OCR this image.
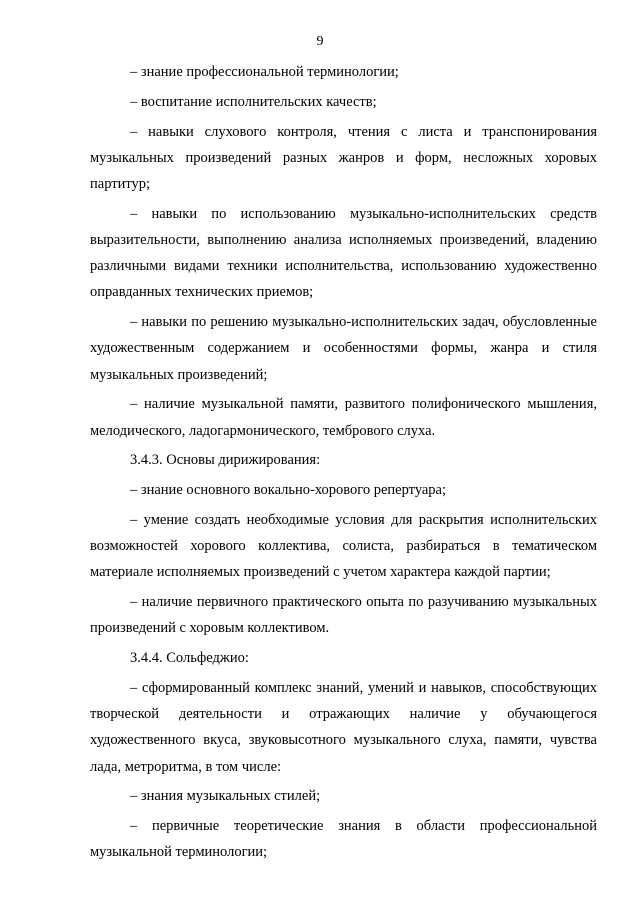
9

– знание профессиональной терминологии;

– воспитание исполнительских качеств;

– навыки слухового контроля, чтения с листа и транспонирования музыкальных произведений разных жанров и форм, несложных хоровых партитур;

– навыки по использованию музыкально-исполнительских средств выразительности, выполнению анализа исполняемых произведений, владению различными видами техники исполнительства, использованию художественно оправданных технических приемов;

– навыки по решению музыкально-исполнительских задач, обусловленные художественным содержанием и особенностями формы, жанра и стиля музыкальных произведений;

– наличие музыкальной памяти, развитого полифонического мышления, мелодического, ладогармонического, тембрового слуха.

3.4.3. Основы дирижирования:

– знание основного вокально-хорового репертуара;

– умение создать необходимые условия для раскрытия исполнительских возможностей хорового коллектива, солиста, разбираться в тематическом материале исполняемых произведений с учетом характера каждой партии;

– наличие первичного практического опыта по разучиванию музыкальных произведений с хоровым коллективом.

3.4.4. Сольфеджио:

– сформированный комплекс знаний, умений и навыков, способствующих творческой деятельности и отражающих наличие у обучающегося художественного вкуса, звуковысотного музыкального слуха, памяти, чувства лада, метроритма, в том числе:

– знания музыкальных стилей;

– первичные теоретические знания в области профессиональной музыкальной терминологии;
